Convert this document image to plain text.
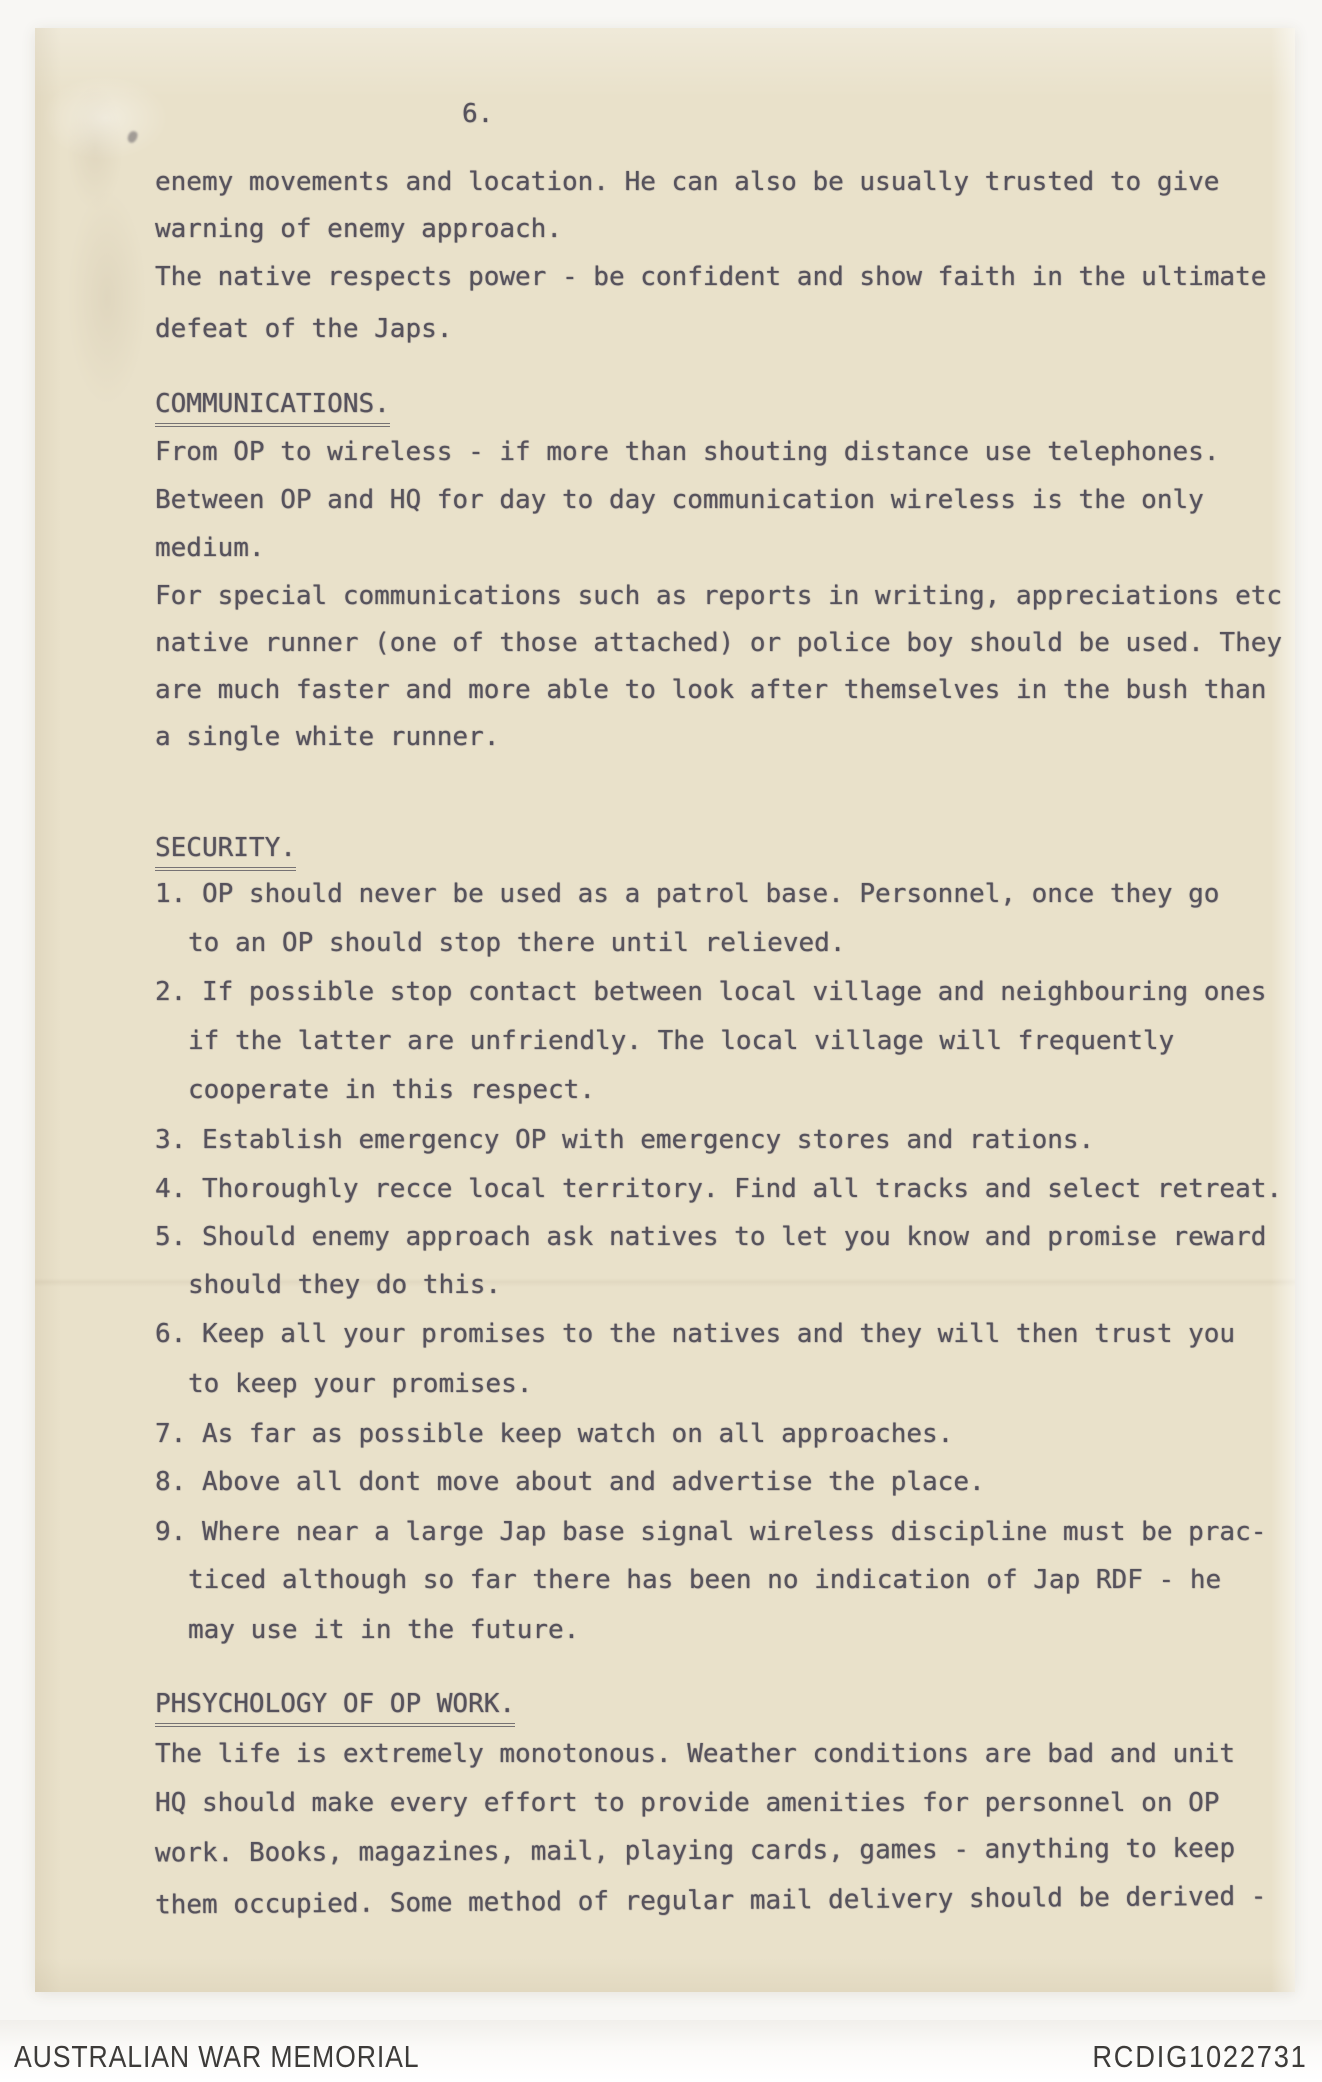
6.
enemy movements and location. He can also be usually trusted to give
warning of enemy approach.
The native respects power - be confident and show faith in the ultimate
defeat of the Japs.
COMMUNICATIONS.
From OP to wireless - if more than shouting distance use telephones.
Between OP and HQ for day to day communication wireless is the only
medium.
For special communications such as reports in writing, appreciations etc
native runner (one of those attached) or police boy should be used. They
are much faster and more able to look after themselves in the bush than
a single white runner.
SECURITY.
1. OP should never be used as a patrol base. Personnel, once they go
to an OP should stop there until relieved.
2. If possible stop contact between local village and neighbouring ones
if the latter are unfriendly. The local village will frequently
cooperate in this respect.
3. Establish emergency OP with emergency stores and rations.
4. Thoroughly recce local territory. Find all tracks and select retreat.
5. Should enemy approach ask natives to let you know and promise reward
should they do this.
6. Keep all your promises to the natives and they will then trust you
to keep your promises.
7. As far as possible keep watch on all approaches.
8. Above all dont move about and advertise the place.
9. Where near a large Jap base signal wireless discipline must be prac-
ticed although so far there has been no indication of Jap RDF - he
may use it in the future.
PHSYCHOLOGY OF OP WORK.
The life is extremely monotonous. Weather conditions are bad and unit
HQ should make every effort to provide amenities for personnel on OP
work. Books, magazines, mail, playing cards, games - anything to keep
them occupied. Some method of regular mail delivery should be derived -
AUSTRALIAN WAR MEMORIAL	RCDIG1022731
